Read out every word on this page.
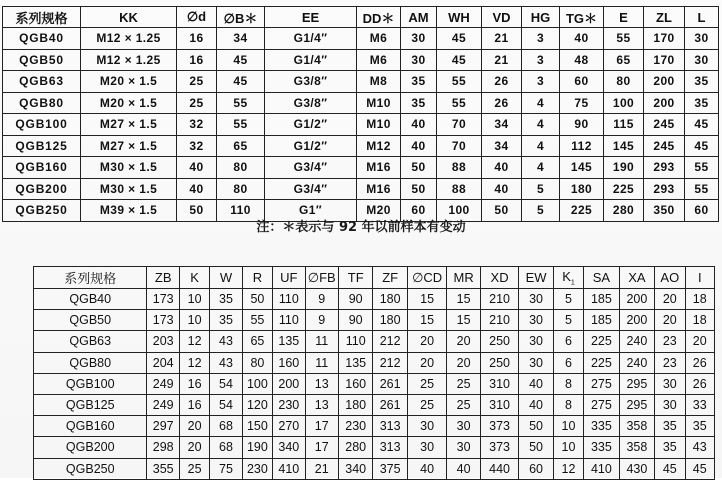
系列规格	KK	∅d	∅B＊	EE	DD＊	AM	WH	VD	HG	TG＊	E	ZL	L
QGB40	M12 × 1.25	16	34	G1/4″	M6	30	45	21	3	40	55	170	30
QGB50	M12 × 1.25	16	45	G1/4″	M6	30	45	21	3	48	65	170	30
QGB63	M20 × 1.5	25	45	G3/8″	M8	35	55	26	3	60	80	200	35
QGB80	M20 × 1.5	25	55	G3/8″	M10	35	55	26	4	75	100	200	35
QGB100	M27 × 1.5	32	55	G1/2″	M10	40	70	34	4	90	115	245	45
QGB125	M27 × 1.5	32	65	G1/2″	M12	40	70	34	4	112	145	245	45
QGB160	M30 × 1.5	40	80	G3/4″	M16	50	88	40	4	145	190	293	55
QGB200	M30 × 1.5	40	80	G3/4″	M16	50	88	40	5	180	225	293	55
QGB250	M39 × 1.5	50	110	G1″	M20	60	100	50	5	225	280	350	60
注：＊表示与 92 年以前样本有变动
系列规格	ZB	K	W	R	UF	∅FB	TF	ZF	∅CD	MR	XD	EW	$K_1$	SA	XA	AO	I
QGB40	173	10	35	50	110	9	90	180	15	15	210	30	5	185	200	20	18
QGB50	173	10	35	55	110	9	90	180	15	15	210	30	5	185	200	20	18
QGB63	203	12	43	65	135	11	110	212	20	20	250	30	6	225	240	23	20
QGB80	204	12	43	80	160	11	135	212	20	20	250	30	6	225	240	23	26
QGB100	249	16	54	100	200	13	160	261	25	25	310	40	8	275	295	30	26
QGB125	249	16	54	120	230	13	180	261	25	25	310	40	8	275	295	30	33
QGB160	297	20	68	150	270	17	230	313	30	30	373	50	10	335	358	35	35
QGB200	298	20	68	190	340	17	280	313	30	30	373	50	10	335	358	35	43
QGB250	355	25	75	230	410	21	340	375	40	40	440	60	12	410	430	45	45
